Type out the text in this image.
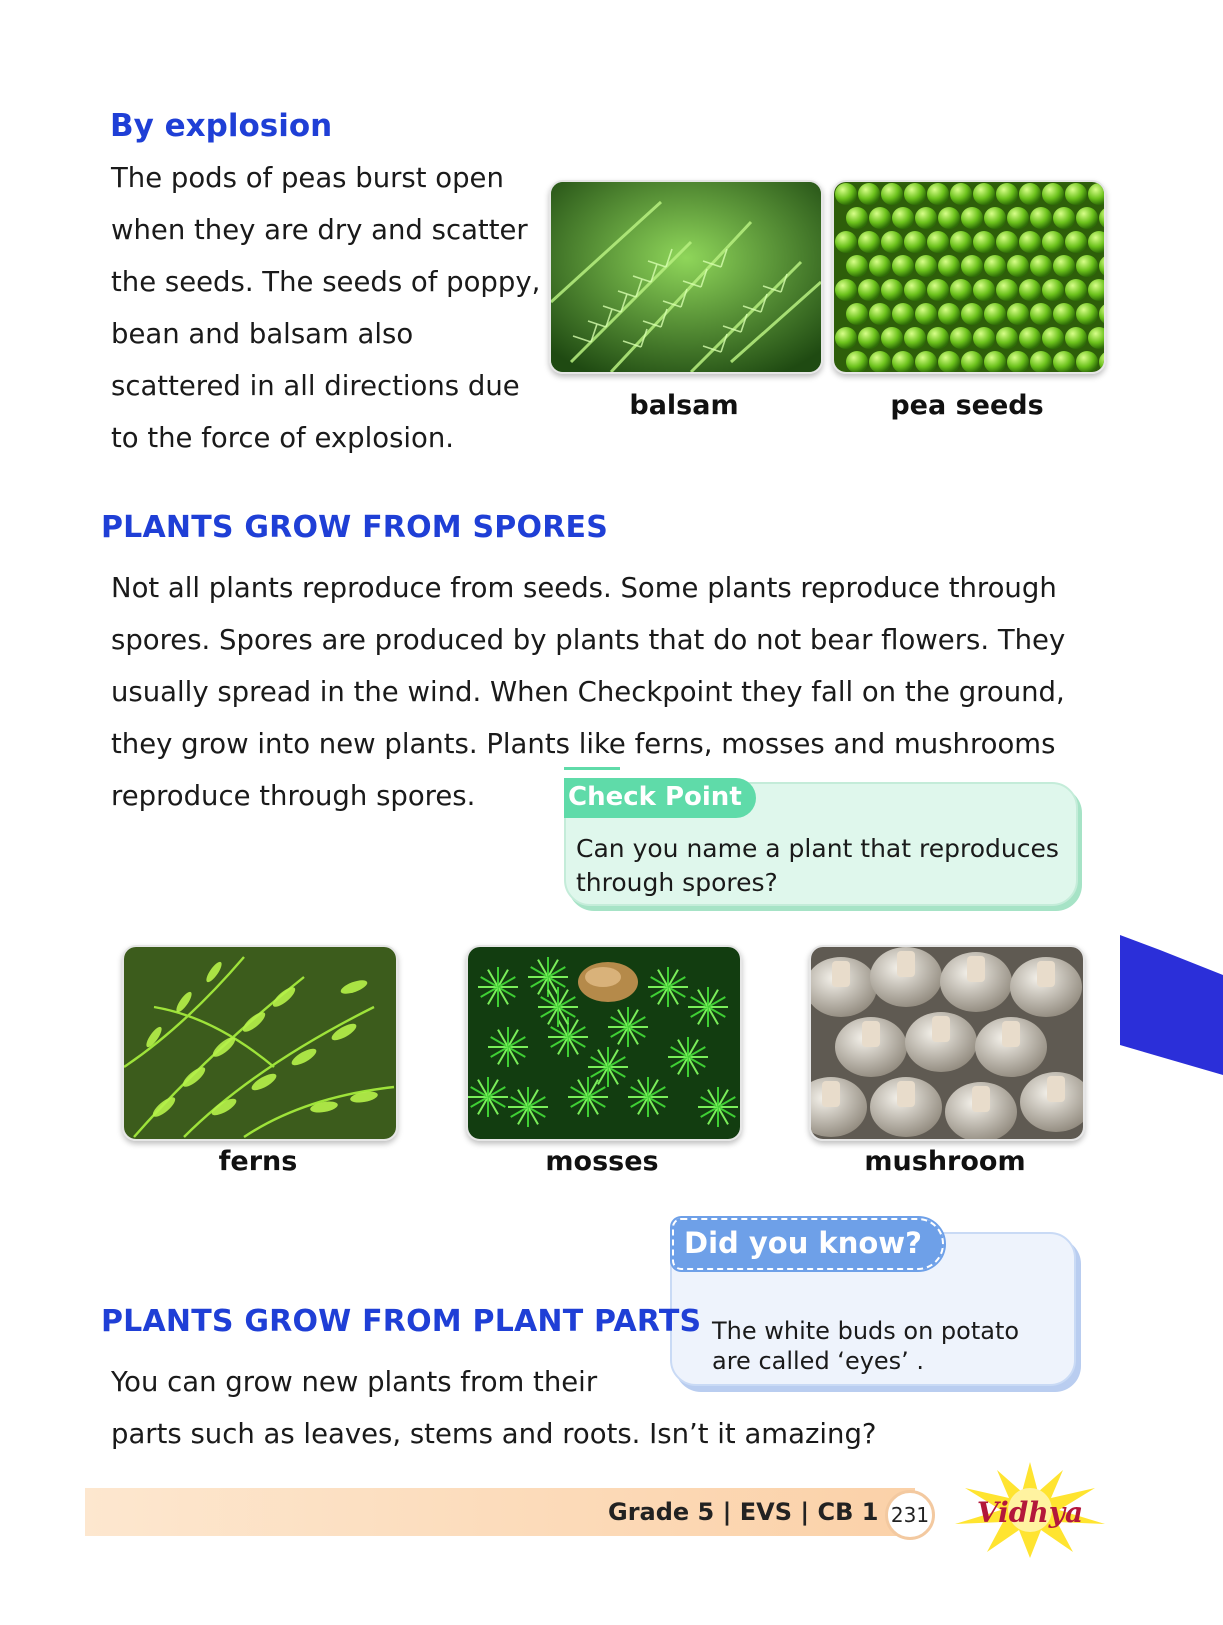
By explosion
The pods of peas burst open
when they are dry and scatter
the seeds. The seeds of poppy,
bean and balsam also
scattered in all directions due
to the force of explosion.
balsam	pea seeds
PLANTS GROW FROM SPORES
Not all plants reproduce from seeds. Some plants reproduce through
spores. Spores are produced by plants that do not bear flowers. They
usually spread in the wind. When Checkpoint they fall on the ground,
they grow into new plants. Plants like ferns, mosses and mushrooms
reproduce through spores.
Can you name a plant that reproduces
through spores?
Check Point
ferns	mosses	mushroom
The white buds on potato
are called ‘eyes’ .
Did you know?
PLANTS GROW FROM PLANT PARTS
You can grow new plants from their
parts such as leaves, stems and roots. Isn’t it amazing?
Grade 5 | EVS | CB 1 231 Vidhya
